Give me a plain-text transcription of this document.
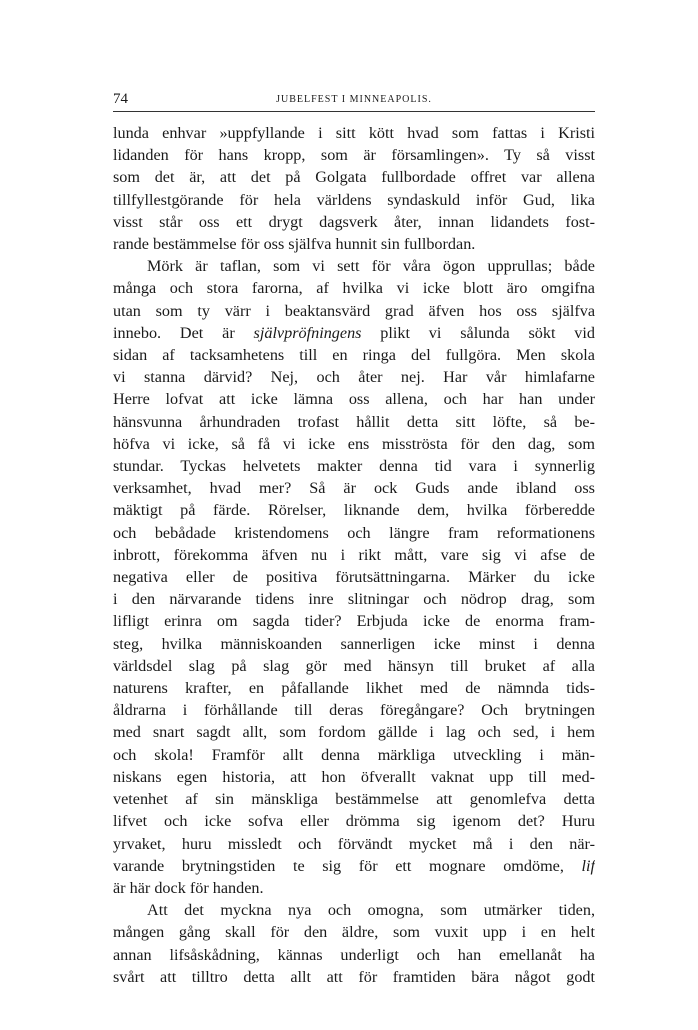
74	JUBELFEST I MINNEAPOLIS.

lunda enhvar »uppfyllande i sitt kött hvad som fattas i Kristi
lidanden för hans kropp, som är församlingen». Ty så visst
som det är, att det på Golgata fullbordade offret var allena
tillfyllestgörande för hela världens syndaskuld inför Gud, lika
visst står oss ett drygt dagsverk åter, innan lidandets fost-
rande bestämmelse för oss själfva hunnit sin fullbordan.

Mörk är taflan, som vi sett för våra ögon upprullas; både
många och stora farorna, af hvilka vi icke blott äro omgifna
utan som ty värr i beaktansvärd grad äfven hos oss själfva
innebo. Det är självpröfningens plikt vi sålunda sökt vid
sidan af tacksamhetens till en ringa del fullgöra. Men skola
vi stanna därvid? Nej, och åter nej. Har vår himlafarne
Herre lofvat att icke lämna oss allena, och har han under
hänsvunna århundraden trofast hållit detta sitt löfte, så be-
höfva vi icke, så få vi icke ens misströsta för den dag, som
stundar. Tyckas helvetets makter denna tid vara i synnerlig
verksamhet, hvad mer? Så är ock Guds ande ibland oss
mäktigt på färde. Rörelser, liknande dem, hvilka förberedde
och bebådade kristendomens och längre fram reformationens
inbrott, förekomma äfven nu i rikt mått, vare sig vi afse de
negativa eller de positiva förutsättningarna. Märker du icke
i den närvarande tidens inre slitningar och nödrop drag, som
lifligt erinra om sagda tider? Erbjuda icke de enorma fram-
steg, hvilka människoanden sannerligen icke minst i denna
världsdel slag på slag gör med hänsyn till bruket af alla
naturens krafter, en påfallande likhet med de nämnda tids-
åldrarna i förhållande till deras föregångare? Och brytningen
med snart sagdt allt, som fordom gällde i lag och sed, i hem
och skola! Framför allt denna märkliga utveckling i män-
niskans egen historia, att hon öfverallt vaknat upp till med-
vetenhet af sin mänskliga bestämmelse att genomlefva detta
lifvet och icke sofva eller drömma sig igenom det? Huru
yrvaket, huru missledt och förvändt mycket må i den när-
varande brytningstiden te sig för ett mognare omdöme, lif
är här dock för handen.

Att det myckna nya och omogna, som utmärker tiden,
mången gång skall för den äldre, som vuxit upp i en helt
annan lifsåskådning, kännas underligt och han emellanåt ha
svårt att tilltro detta allt att för framtiden bära något godt
